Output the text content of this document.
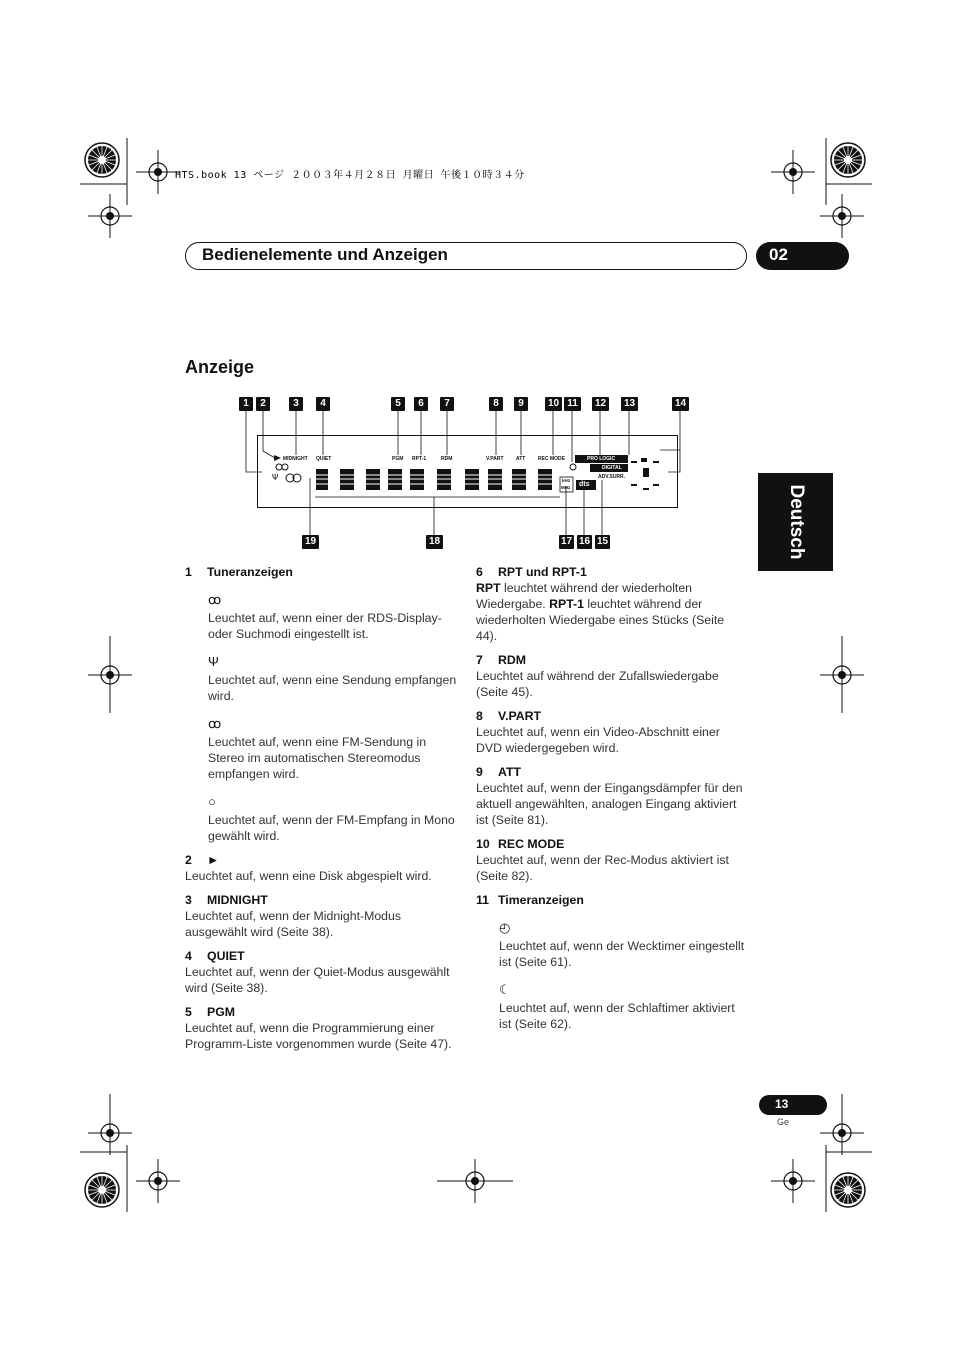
HTS.book 13 ページ ２００３年４月２８日 月曜日 午後１０時３４分
Bedienelemente und Anzeigen	02
Anzeige
Deutsch
1	2	3	4	5	6	7	8	9	10 11	12 13	14
19	18	17 16 15
Ψ
MIDNIGHT QUIET	PGM RPT-1	RDM	V.PART ATT	REC MODE	PRO LOGIC
DIGITAL
ADV.SURR.
kHz
MHz dts
1 Tuneranzeigen
ꝏ

Leuchtet auf, wenn einer der RDS-Display- oder Suchmodi eingestellt ist.

Ψ

Leuchtet auf, wenn eine Sendung empfangen wird.

ꝏ

Leuchtet auf, wenn eine FM-Sendung in Stereo im automatischen Stereomodus empfangen wird.

○

Leuchtet auf, wenn der FM-Empfang in Mono gewählt wird.

2 ►

Leuchtet auf, wenn eine Disk abgespielt wird.

3 MIDNIGHT

Leuchtet auf, wenn der Midnight-Modus ausgewählt wird (Seite 38).

4 QUIET

Leuchtet auf, wenn der Quiet-Modus ausgewählt wird (Seite 38).

5 PGM

Leuchtet auf, wenn die Programmierung einer Programm-Liste vorgenommen wurde (Seite 47).

6 RPT und RPT-1

RPT leuchtet während der wiederholten Wiedergabe. RPT-1 leuchtet während der wiederholten Wiedergabe eines Stücks (Seite 44).

7 RDM

Leuchtet auf während der Zufallswiedergabe (Seite 45).

8 V.PART

Leuchtet auf, wenn ein Video-Abschnitt einer DVD wiedergegeben wird.

9 ATT

Leuchtet auf, wenn der Eingangsdämpfer für den aktuell angewählten, analogen Eingang aktiviert ist (Seite 81).

10 REC MODE

Leuchtet auf, wenn der Rec-Modus aktiviert ist (Seite 82).

11 Timeranzeigen
◴

Leuchtet auf, wenn der Wecktimer eingestellt ist (Seite 61).

☾

Leuchtet auf, wenn der Schlaftimer aktiviert ist (Seite 62).

13
Ge
